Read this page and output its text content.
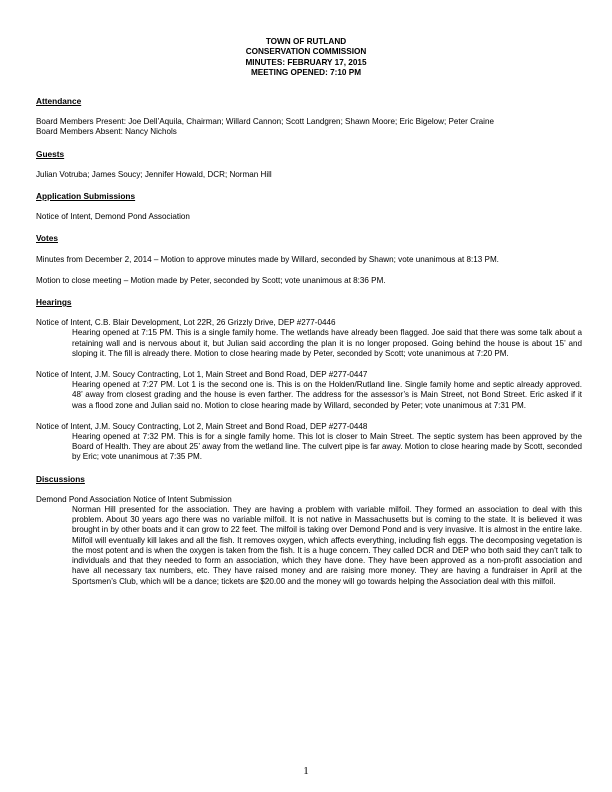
TOWN OF RUTLAND
CONSERVATION COMMISSION
MINUTES: FEBRUARY 17, 2015
MEETING OPENED: 7:10 PM
Attendance
Board Members Present: Joe Dell’Aquila, Chairman; Willard Cannon; Scott Landgren; Shawn Moore; Eric Bigelow; Peter Craine
Board Members Absent: Nancy Nichols
Guests
Julian Votruba; James Soucy; Jennifer Howald, DCR; Norman Hill
Application Submissions
Notice of Intent, Demond Pond Association
Votes
Minutes from December 2, 2014 – Motion to approve minutes made by Willard, seconded by Shawn; vote unanimous at 8:13 PM.
Motion to close meeting – Motion made by Peter, seconded by Scott; vote unanimous at 8:36 PM.
Hearings
Notice of Intent, C.B. Blair Development, Lot 22R, 26 Grizzly Drive, DEP #277-0446
Hearing opened at 7:15 PM. This is a single family home. The wetlands have already been flagged. Joe said that there was some talk about a retaining wall and is nervous about it, but Julian said according the plan it is no longer proposed. Going behind the house is about 15’ and sloping it. The fill is already there. Motion to close hearing made by Peter, seconded by Scott; vote unanimous at 7:20 PM.
Notice of Intent, J.M. Soucy Contracting, Lot 1, Main Street and Bond Road, DEP #277-0447
Hearing opened at 7:27 PM. Lot 1 is the second one is. This is on the Holden/Rutland line. Single family home and septic already approved. 48’ away from closest grading and the house is even farther. The address for the assessor’s is Main Street, not Bond Street. Eric asked if it was a flood zone and Julian said no. Motion to close hearing made by Willard, seconded by Peter; vote unanimous at 7:31 PM.
Notice of Intent, J.M. Soucy Contracting, Lot 2, Main Street and Bond Road, DEP #277-0448
Hearing opened at 7:32 PM. This is for a single family home. This lot is closer to Main Street. The septic system has been approved by the Board of Health. They are about 25’ away from the wetland line. The culvert pipe is far away. Motion to close hearing made by Scott, seconded by Eric; vote unanimous at 7:35 PM.
Discussions
Demond Pond Association Notice of Intent Submission
Norman Hill presented for the association. They are having a problem with variable milfoil. They formed an association to deal with this problem. About 30 years ago there was no variable milfoil. It is not native in Massachusetts but is coming to the state. It is believed it was brought in by other boats and it can grow to 22 feet. The milfoil is taking over Demond Pond and is very invasive. It is almost in the entire lake. Milfoil will eventually kill lakes and all the fish. It removes oxygen, which affects everything, including fish eggs. The decomposing vegetation is the most potent and is when the oxygen is taken from the fish. It is a huge concern. They called DCR and DEP who both said they can’t talk to individuals and that they needed to form an association, which they have done. They have been approved as a non-profit association and have all necessary tax numbers, etc. They have raised money and are raising more money. They are having a fundraiser in April at the Sportsmen’s Club, which will be a dance; tickets are $20.00 and the money will go towards helping the Association deal with this milfoil.
1
